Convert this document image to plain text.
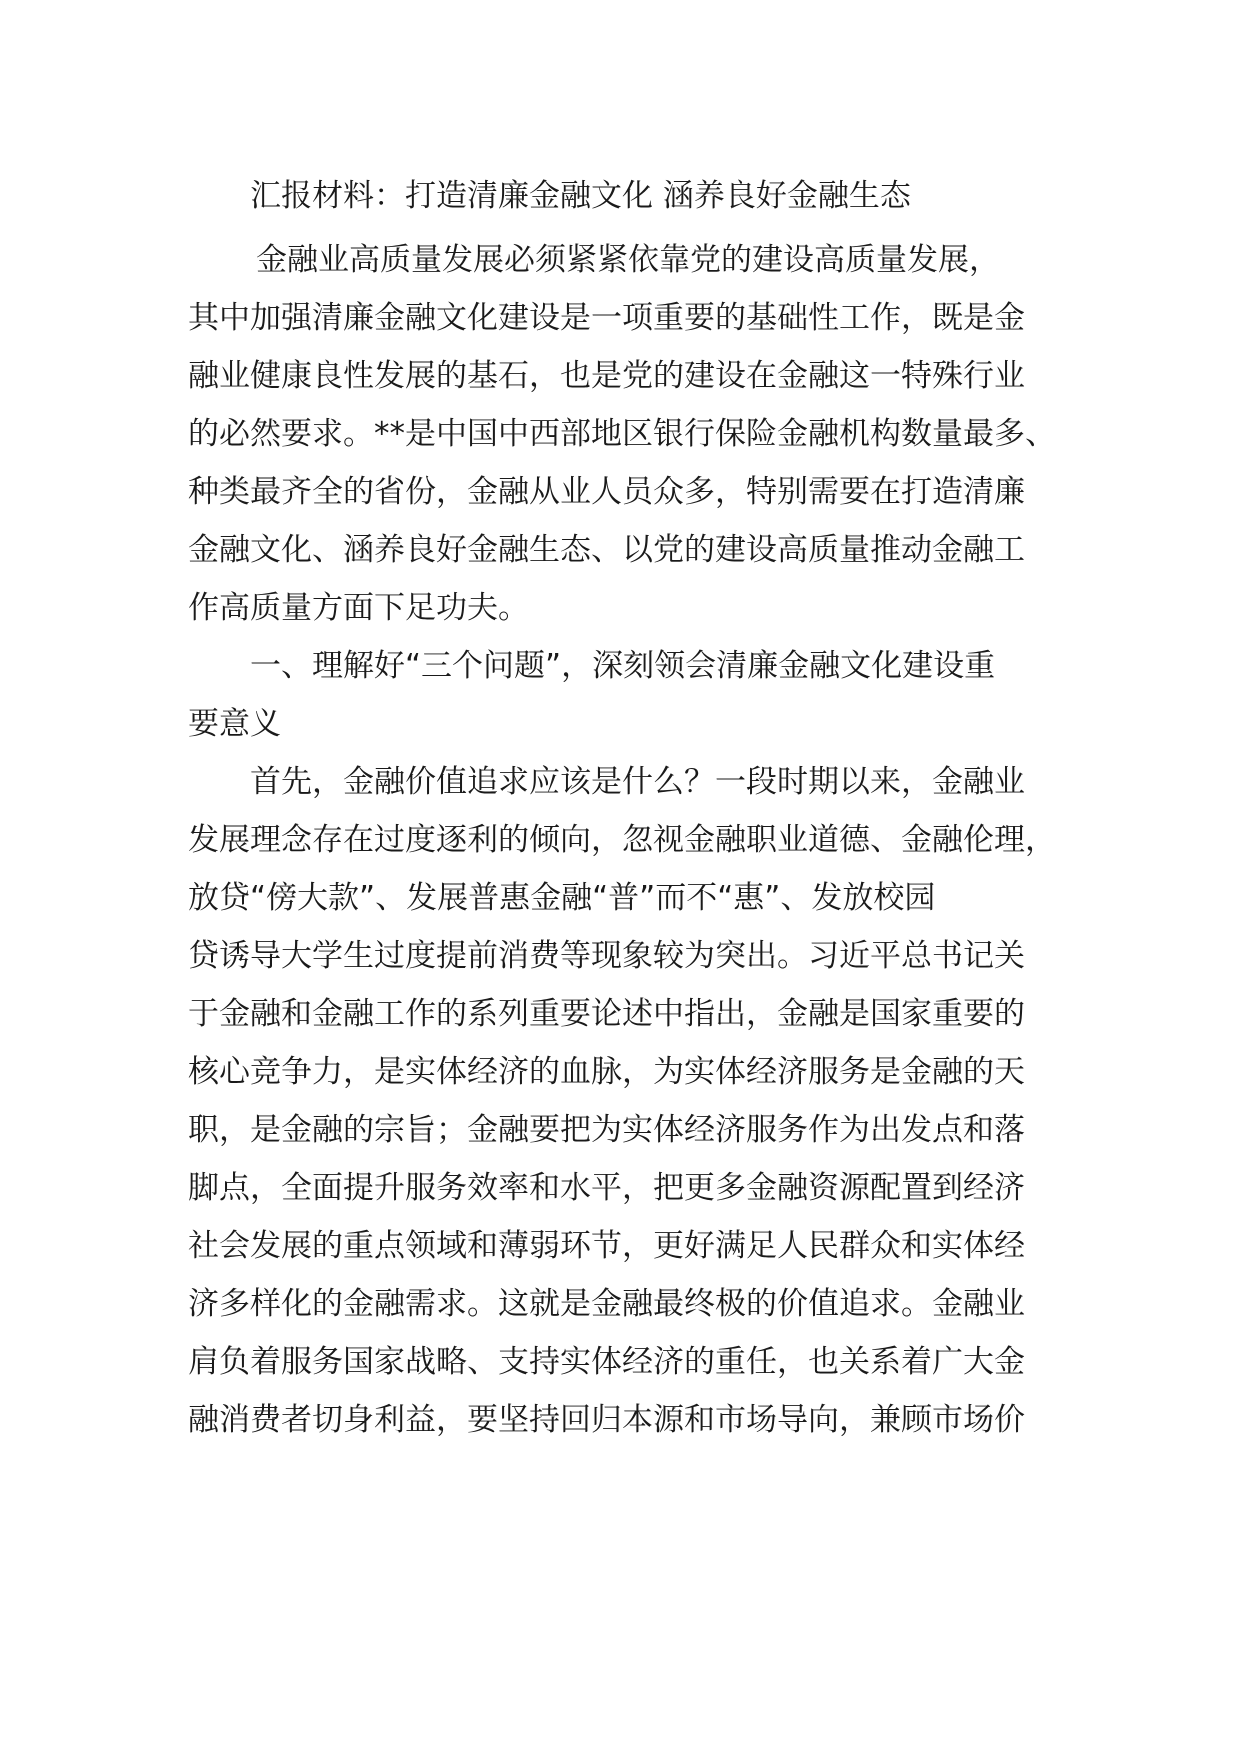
汇报材料：打造清廉金融文化 涵养良好金融生态
金融业高质量发展必须紧紧依靠党的建设高质量发展，
其中加强清廉金融文化建设是一项重要的基础性工作，既是金
融业健康良性发展的基石，也是党的建设在金融这一特殊行业
的必然要求。**是中国中西部地区银行保险金融机构数量最多、
种类最齐全的省份，金融从业人员众多，特别需要在打造清廉
金融文化、涵养良好金融生态、以党的建设高质量推动金融工
作高质量方面下足功夫。
一、理解好“三个问题”，深刻领会清廉金融文化建设重
要意义
首先，金融价值追求应该是什么？一段时期以来，金融业
发展理念存在过度逐利的倾向，忽视金融职业道德、金融伦理，
放贷“傍大款”、发展普惠金融“普”而不“惠”、发放校园
贷诱导大学生过度提前消费等现象较为突出。习近平总书记关
于金融和金融工作的系列重要论述中指出，金融是国家重要的
核心竞争力，是实体经济的血脉，为实体经济服务是金融的天
职，是金融的宗旨；金融要把为实体经济服务作为出发点和落
脚点，全面提升服务效率和水平，把更多金融资源配置到经济
社会发展的重点领域和薄弱环节，更好满足人民群众和实体经
济多样化的金融需求。这就是金融最终极的价值追求。金融业
肩负着服务国家战略、支持实体经济的重任，也关系着广大金
融消费者切身利益，要坚持回归本源和市场导向，兼顾市场价
